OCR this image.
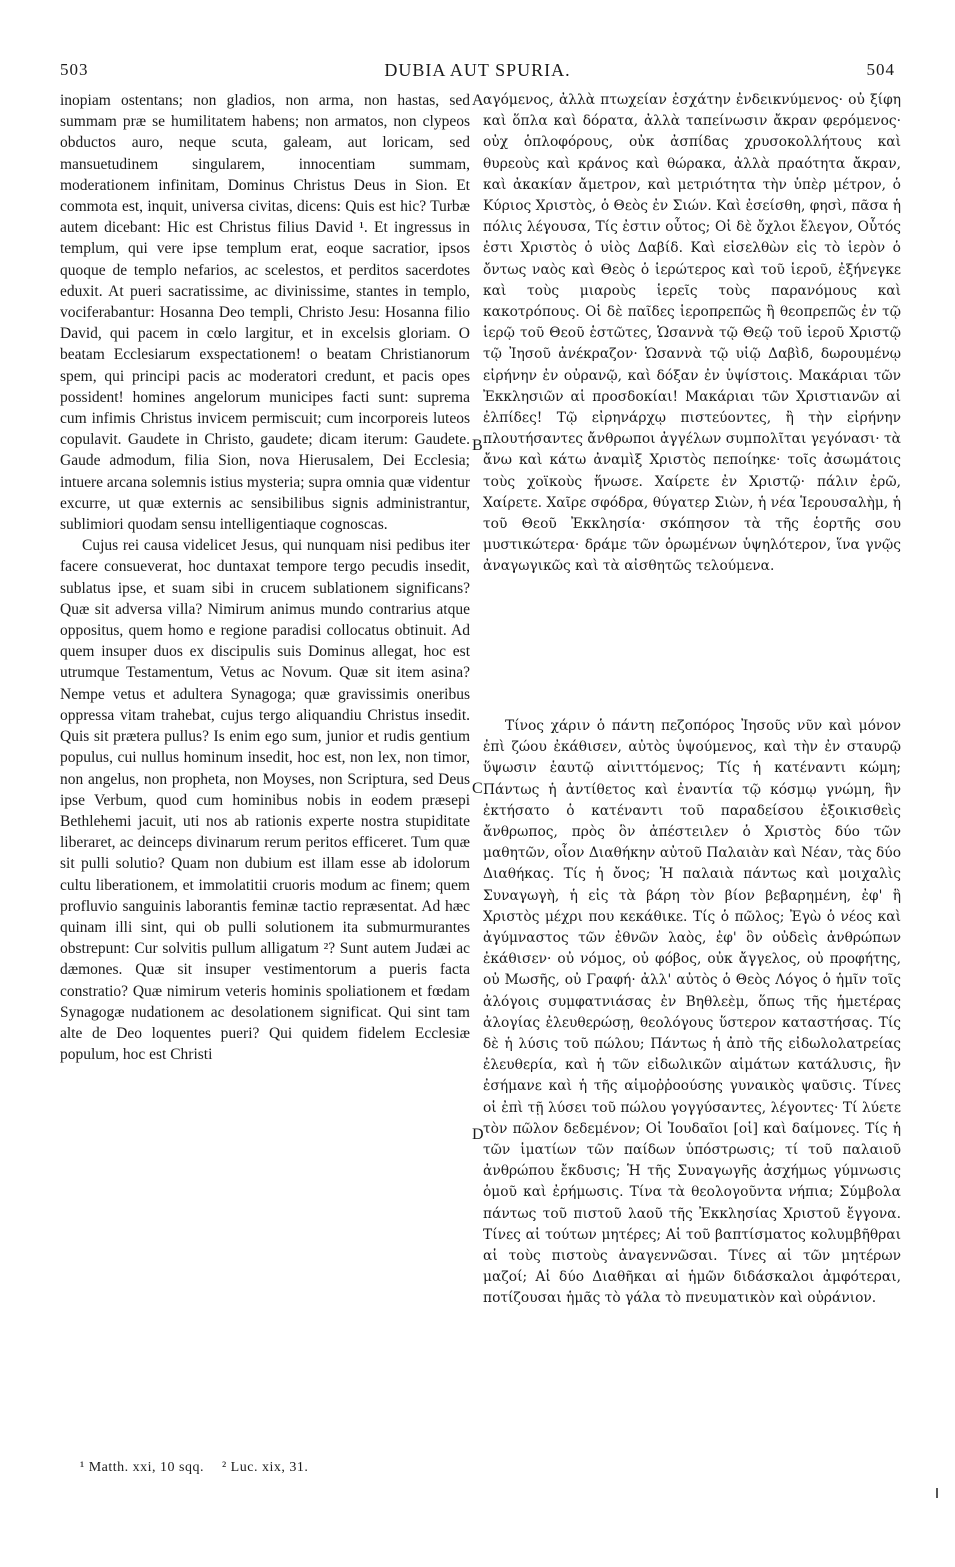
503	DUBIA AUT SPURIA.	504

inopiam ostentans; non gladios, non arma, non hastas, sed summam præ se humilitatem habens; non armatos, non clypeos obductos auro, neque scuta, galeam, aut loricam, sed mansuetudinem singularem, innocentiam summam, moderationem infinitam, Dominus Christus Deus in Sion. Et commota est, inquit, universa civitas, dicens: Quis est hic? Turbæ autem dicebant: Hic est Christus filius David ¹. Et ingressus in templum, qui vere ipse templum erat, eoque sacratior, ipsos quoque de templo nefarios, ac scelestos, et perditos sacerdotes eduxit. At pueri sacratissime, ac divinissime, stantes in templo, vociferabantur: Hosanna Deo templi, Christo Jesu: Hosanna filio David, qui pacem in cœlo largitur, et in excelsis gloriam. O beatam Ecclesiarum exspectationem! o beatam Christianorum spem, qui principi pacis ac moderatori credunt, et pacis opes possident! homines angelorum municipes facti sunt: suprema cum infimis Christus invicem permiscuit; cum incorporeis luteos copulavit. Gaudete in Christo, gaudete; dicam iterum: Gaudete. Gaude admodum, filia Sion, nova Hierusalem, Dei Ecclesia; intuere arcana solemnis istius mysteria; supra omnia quæ videntur excurre, ut quæ externis ac sensibilibus signis administrantur, sublimiori quodam sensu intelligentiaque cognoscas.

Cujus rei causa videlicet Jesus, qui nunquam nisi pedibus iter facere consueverat, hoc duntaxat tempore tergo pecudis insedit, sublatus ipse, et suam sibi in crucem sublationem significans? Quæ sit adversa villa? Nimirum animus mundo contrarius atque oppositus, quem homo e regione paradisi collocatus obtinuit. Ad quem insuper duos ex discipulis suis Dominus allegat, hoc est utrumque Testamentum, Vetus ac Novum. Quæ sit item asina? Nempe vetus et adultera Synagoga; quæ gravissimis oneribus oppressa vitam trahebat, cujus tergo aliquandiu Christus insedit. Quis sit prætera pullus? Is enim ego sum, junior et rudis gentium populus, cui nullus hominum insedit, hoc est, non lex, non timor, non angelus, non propheta, non Moyses, non Scriptura, sed Deus ipse Verbum, quod cum hominibus nobis in eodem præsepi Bethlehemi jacuit, uti nos ab rationis experte nostra stupiditate liberaret, ac deinceps divinarum rerum peritos efficeret. Tum quæ sit pulli solutio? Quam non dubium est illam esse ab idolorum cultu liberationem, et immolatitii cruoris modum ac finem; quem profluvio sanguinis laborantis feminæ tactio repræsentat. Ad hæc quinam illi sint, qui ob pulli solutionem ita submurmurantes obstrepunt: Cur solvitis pullum alligatum ²? Sunt autem Judæi ac dæmones. Quæ sit insuper vestimentorum a pueris facta constratio? Quæ nimirum veteris hominis spoliationem et fœdam Synagogæ nudationem ac desolationem significat. Qui sint tam alte de Deo loquentes pueri? Qui quidem fidelem Ecclesiæ populum, hoc est Christi

αγόμενος, ἀλλὰ πτωχείαν ἐσχάτην ἐνδεικνύμενος· οὐ ξίφη καὶ ὅπλα καὶ δόρατα, ἀλλὰ ταπείνωσιν ἄκραν φερόμενος· οὐχ ὁπλοφόρους, οὐκ ἀσπίδας χρυσοκολλήτους καὶ θυρεοὺς καὶ κράνος καὶ θώρακα, ἀλλὰ πραότητα ἄκραν, καὶ ἀκακίαν ἄμετρον, καὶ μετριότητα τὴν ὑπὲρ μέτρον, ὁ Κύριος Χριστὸς, ὁ Θεὸς ἐν Σιών. Καὶ ἐσείσθη, φησὶ, πᾶσα ἡ πόλις λέγουσα, Τίς ἐστιν οὗτος; Οἱ δὲ ὄχλοι ἔλεγον, Οὗτός ἐστι Χριστὸς ὁ υἱὸς Δαβίδ. Καὶ εἰσελθὼν εἰς τὸ ἱερὸν ὁ ὄντως ναὸς καὶ Θεὸς ὁ ἱερώτερος καὶ τοῦ ἱεροῦ, ἐξήνεγκε καὶ τοὺς μιαροὺς ἱερεῖς τοὺς παρανόμους καὶ κακοτρόπους. Οἱ δὲ παῖδες ἱεροπρεπῶς ἢ θεοπρεπῶς ἐν τῷ ἱερῷ τοῦ Θεοῦ ἑστῶτες, Ὡσαννὰ τῷ Θεῷ τοῦ ἱεροῦ Χριστῷ τῷ Ἰησοῦ ἀνέκραζον· Ὡσαννὰ τῷ υἱῷ Δαβὶδ, δωρουμένῳ εἰρήνην ἐν οὐρανῷ, καὶ δόξαν ἐν ὑψίστοις. Μακάριαι τῶν Ἐκκλησιῶν αἱ προσδοκίαι! Μακάριαι τῶν Χριστιανῶν αἱ ἐλπίδες! Τῷ εἰρηνάρχῳ πιστεύοντες, ἢ τὴν εἰρήνην πλουτήσαντες ἄνθρωποι ἀγγέλων συμπολῖται γεγόνασι· τὰ ἄνω καὶ κάτω ἀναμὶξ Χριστὸς πεποίηκε· τοῖς ἀσωμάτοις τοὺς χοϊκοὺς ἥνωσε. Χαίρετε ἐν Χριστῷ· πάλιν ἐρῶ, Χαίρετε. Χαῖρε σφόδρα, θύγατερ Σιὼν, ἡ νέα Ἱερουσαλὴμ, ἡ τοῦ Θεοῦ Ἐκκλησία· σκόπησον τὰ τῆς ἑορτῆς σου μυστικώτερα· δράμε τῶν ὁρωμένων ὑψηλότερον, ἵνα γνῷς ἀναγωγικῶς καὶ τὰ αἰσθητῶς τελούμενα.

Τίνος χάριν ὁ πάντη πεζοπόρος Ἰησοῦς νῦν καὶ μόνον ἐπὶ ζώου ἐκάθισεν, αὐτὸς ὑψούμενος, καὶ τὴν ἐν σταυρῷ ὕψωσιν ἑαυτῷ αἰνιττόμενος; Τίς ἡ κατέναντι κώμη; Πάντως ἡ ἀντίθετος καὶ ἐναντία τῷ κόσμῳ γνώμη, ἣν ἐκτήσατο ὁ κατέναντι τοῦ παραδείσου ἐξοικισθεὶς ἄνθρωπος, πρὸς ὃν ἀπέστειλεν ὁ Χριστὸς δύο τῶν μαθητῶν, οἷον Διαθήκην αὐτοῦ Παλαιὰν καὶ Νέαν, τὰς δύο Διαθήκας. Τίς ἡ ὄνος; Ἡ παλαιὰ πάντως καὶ μοιχαλὶς Συναγωγὴ, ἡ εἰς τὰ βάρη τὸν βίον βεβαρημένη, ἐφ' ἣ Χριστὸς μέχρι που κεκάθικε. Τίς ὁ πῶλος; Ἐγὼ ὁ νέος καὶ ἀγύμναστος τῶν ἐθνῶν λαὸς, ἐφ' ὃν οὐδεὶς ἀνθρώπων ἐκάθισεν· οὐ νόμος, οὐ φόβος, οὐκ ἄγγελος, οὐ προφήτης, οὐ Μωσῆς, οὐ Γραφή· ἀλλ' αὐτὸς ὁ Θεὸς Λόγος ὁ ἡμῖν τοῖς ἀλόγοις συμφατνιάσας ἐν Βηθλεὲμ, ὅπως τῆς ἡμετέρας ἀλογίας ἐλευθερώσῃ, θεολόγους ὕστερον καταστήσας. Τίς δὲ ἡ λύσις τοῦ πώλου; Πάντως ἡ ἀπὸ τῆς εἰδωλολατρείας ἐλευθερία, καὶ ἡ τῶν εἰδωλικῶν αἱμάτων κατάλυσις, ἣν ἐσήμανε καὶ ἡ τῆς αἱμοῤῥοούσης γυναικὸς ψαῦσις. Τίνες οἱ ἐπὶ τῇ λύσει τοῦ πώλου γογγύσαντες, λέγοντες· Τί λύετε τὸν πῶλον δεδεμένον; Οἱ Ἰουδαῖοι [οἱ] καὶ δαίμονες. Τίς ἡ τῶν ἱματίων τῶν παίδων ὑπόστρωσις; τί τοῦ παλαιοῦ ἀνθρώπου ἔκδυσις; Ἡ τῆς Συναγωγῆς ἀσχήμως γύμνωσις ὁμοῦ καὶ ἐρήμωσις. Τίνα τὰ θεολογοῦντα νήπια; Σύμβολα πάντως τοῦ πιστοῦ λαοῦ τῆς Ἐκκλησίας Χριστοῦ ἔγγονα. Τίνες αἱ τούτων μητέρες; Αἱ τοῦ βαπτίσματος κολυμβῆθραι αἱ τοὺς πιστοὺς ἀναγεννῶσαι. Τίνες αἱ τῶν μητέρων μαζοί; Αἱ δύο Διαθῆκαι αἱ ἡμῶν διδάσκαλοι ἀμφότεραι, ποτίζουσαι ἡμᾶς τὸ γάλα τὸ πνευματικὸν καὶ οὐράνιον.

A
B
C
D
¹ Matth. xxi, 10 sqq. ² Luc. xix, 31.
